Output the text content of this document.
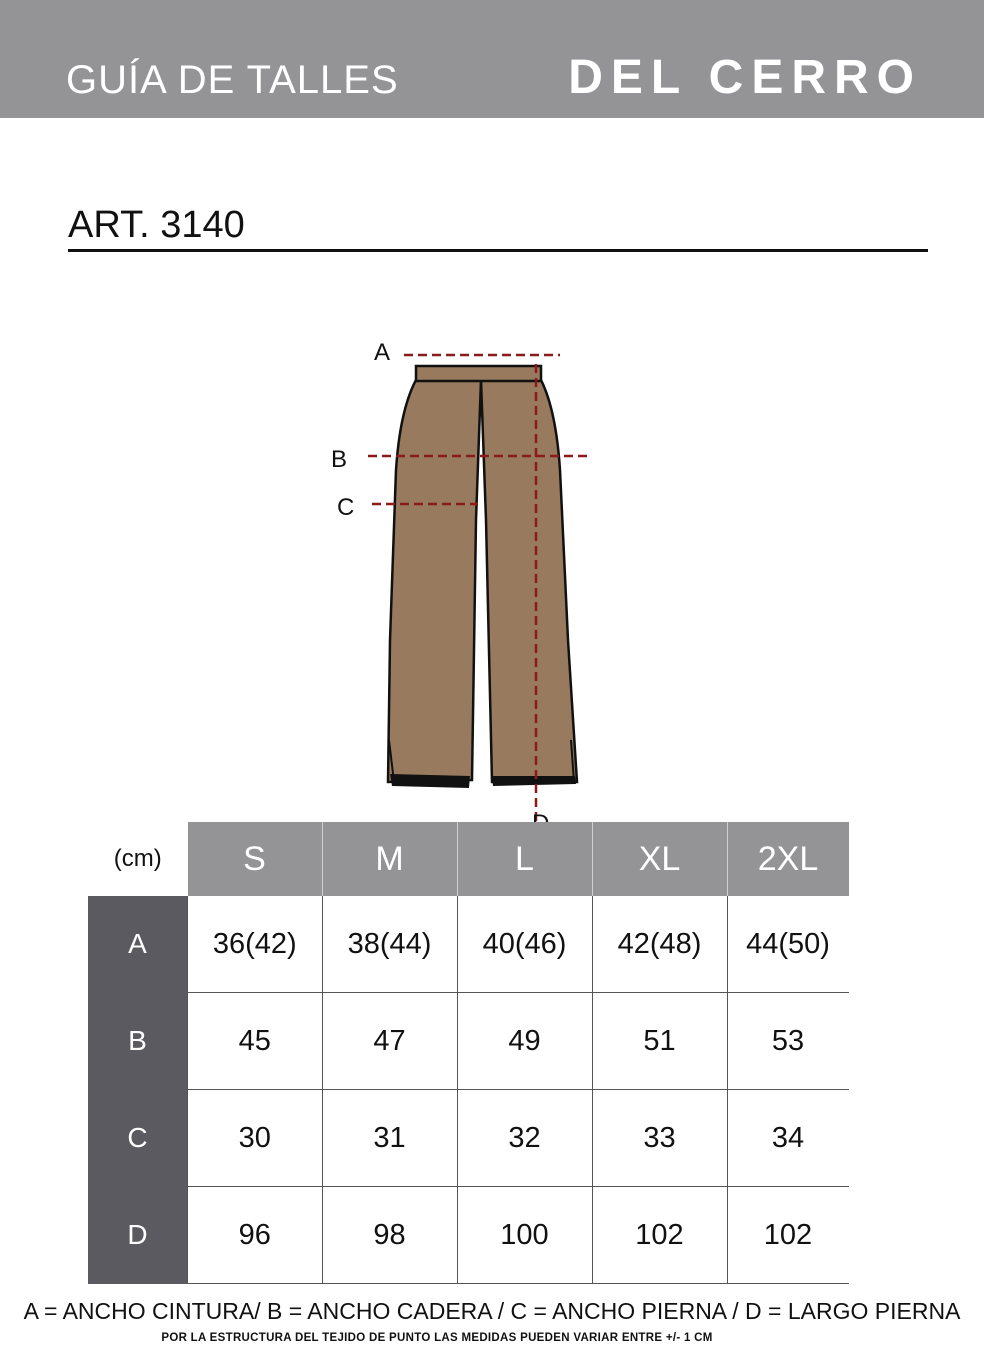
GUÍA DE TALLES	DEL CERRO
ART. 3140
A
B
C
(cm)	S	M	L	XL	2XL
A	36(42)	38(44)	40(46)	42(48)	44(50)
B	45	47	49	51	53
C	30	31	32	33	34
D	96	98	100	102	102
A = ANCHO CINTURA/ B = ANCHO CADERA / C = ANCHO PIERNA / D = LARGO PIERNA
POR LA ESTRUCTURA DEL TEJIDO DE PUNTO LAS MEDIDAS PUEDEN VARIAR ENTRE +/- 1 CM
